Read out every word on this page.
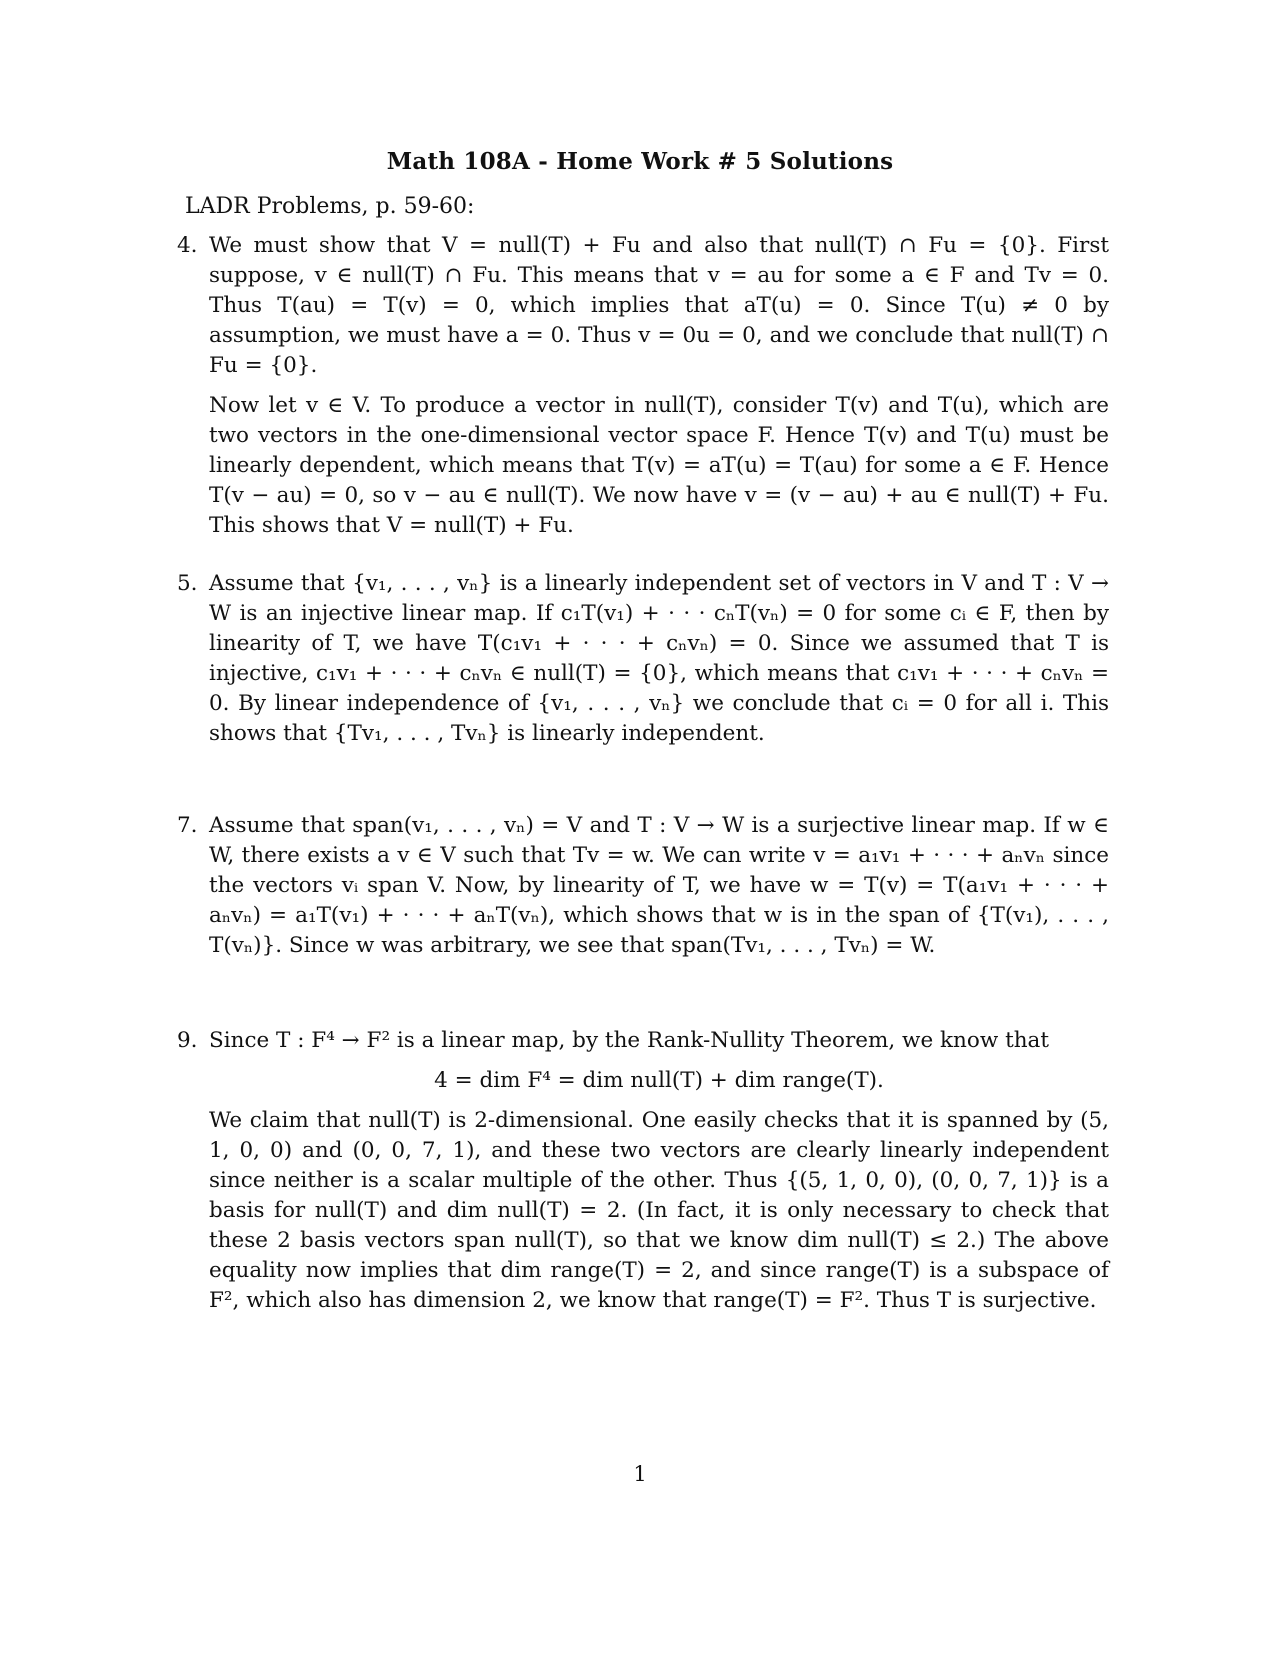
Math 108A - Home Work # 5 Solutions
LADR Problems, p. 59-60:
4. We must show that V = null(T) + Fu and also that null(T) ∩ Fu = {0}. First suppose, v ∈ null(T) ∩ Fu. This means that v = au for some a ∈ F and Tv = 0. Thus T(au) = T(v) = 0, which implies that aT(u) = 0. Since T(u) ≠ 0 by assumption, we must have a = 0. Thus v = 0u = 0, and we conclude that null(T) ∩ Fu = {0}.

Now let v ∈ V. To produce a vector in null(T), consider T(v) and T(u), which are two vectors in the one-dimensional vector space F. Hence T(v) and T(u) must be linearly dependent, which means that T(v) = aT(u) = T(au) for some a ∈ F. Hence T(v − au) = 0, so v − au ∈ null(T). We now have v = (v − au) + au ∈ null(T) + Fu. This shows that V = null(T) + Fu.

5. Assume that {v₁, . . . , vₙ} is a linearly independent set of vectors in V and T : V → W is an injective linear map. If c₁T(v₁) + · · · cₙT(vₙ) = 0 for some cᵢ ∈ F, then by linearity of T, we have T(c₁v₁ + · · · + cₙvₙ) = 0. Since we assumed that T is injective, c₁v₁ + · · · + cₙvₙ ∈ null(T) = {0}, which means that c₁v₁ + · · · + cₙvₙ = 0. By linear independence of {v₁, . . . , vₙ} we conclude that cᵢ = 0 for all i. This shows that {Tv₁, . . . , Tvₙ} is linearly independent.

7. Assume that span(v₁, . . . , vₙ) = V and T : V → W is a surjective linear map. If w ∈ W, there exists a v ∈ V such that Tv = w. We can write v = a₁v₁ + · · · + aₙvₙ since the vectors vᵢ span V. Now, by linearity of T, we have w = T(v) = T(a₁v₁ + · · · + aₙvₙ) = a₁T(v₁) + · · · + aₙT(vₙ), which shows that w is in the span of {T(v₁), . . . , T(vₙ)}. Since w was arbitrary, we see that span(Tv₁, . . . , Tvₙ) = W.

9. Since T : F⁴ → F² is a linear map, by the Rank-Nullity Theorem, we know that

4 = dim F⁴ = dim null(T) + dim range(T).

We claim that null(T) is 2-dimensional. One easily checks that it is spanned by (5, 1, 0, 0) and (0, 0, 7, 1), and these two vectors are clearly linearly independent since neither is a scalar multiple of the other. Thus {(5, 1, 0, 0), (0, 0, 7, 1)} is a basis for null(T) and dim null(T) = 2. (In fact, it is only necessary to check that these 2 basis vectors span null(T), so that we know dim null(T) ≤ 2.) The above equality now implies that dim range(T) = 2, and since range(T) is a subspace of F², which also has dimension 2, we know that range(T) = F². Thus T is surjective.

1
